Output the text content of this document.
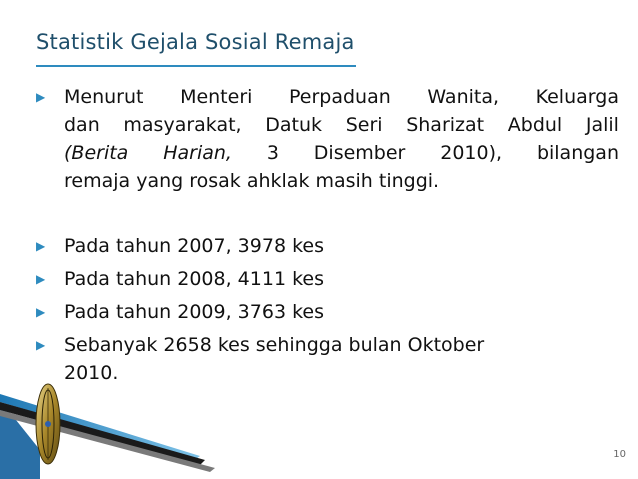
Statistik Gejala Sosial Remaja
▶ Menurut Menteri Perpaduan Wanita, Keluarga
dan masyarakat, Datuk Seri Sharizat Abdul Jalil
(Berita Harian, 3 Disember 2010), bilangan
remaja yang rosak ahklak masih tinggi.
▶ Pada tahun 2007, 3978 kes
▶ Pada tahun 2008, 4111 kes
▶ Pada tahun 2009, 3763 kes
▶ Sebanyak 2658 kes sehingga bulan Oktober
2010.
10
